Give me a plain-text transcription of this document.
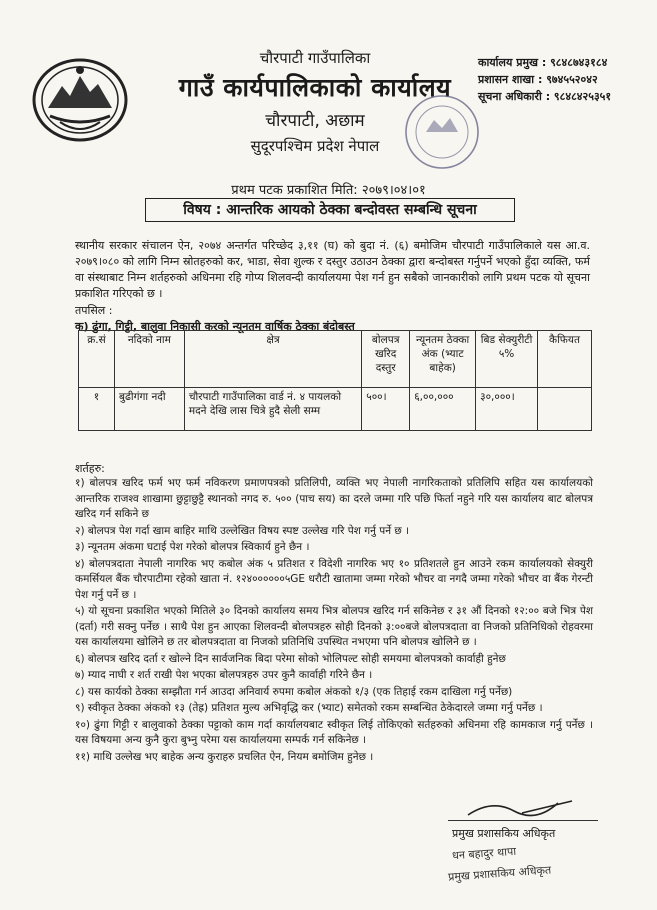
चौरपाटी गाउँपालिका
गाउँ कार्यपालिकाको कार्यालय
चौरपाटी, अछाम
सुदूरपश्चिम प्रदेश नेपाल
कार्यालय प्रमुख : ९८४८७४३१८४
प्रशासन शाखा : ९७४५५२०४२
सूचना अधिकारी : ९८४८४२५३५१
प्रथम पटक प्रकाशित मिति: २०७९।०४।०१
विषय : आन्तरिक आयको ठेक्का बन्दोवस्त सम्बन्धि सूचना
स्थानीय सरकार संचालन ऐन, २०७४ अन्तर्गत परिच्छेद ३,११ (घ) को बुदा नं. (६) बमोजिम चौरपाटी गाउँपालिकाले यस आ.व. २०७९।०८० को लागि निम्न स्रोतहरुको कर, भाडा, सेवा शुल्क र दस्तुर उठाउन ठेक्का द्वारा बन्दोबस्त गर्नुपर्ने भएको हुँदा व्यक्ति, फर्म वा संस्थाबाट निम्न शर्तहरुको अधिनमा रहि गोप्य शिलवन्दी कार्यालयमा पेश गर्न हुन सबैको जानकारीको लागि प्रथम पटक यो सूचना प्रकाशित गरिएको छ ।
तपसिल :
क) ढुंगा, गिट्टी, बालुवा निकासी करको न्यूनतम वार्षिक ठेक्का बंदोबस्त
क्र.सं	नदिको नाम	क्षेत्र	बोलपत्र खरिद दस्तुर	न्यूनतम ठेक्का अंक (भ्याट बाहेक)	बिड सेक्युरीटी ५%	कैफियत
१	बुढीगंगा नदी	चौरपाटी गाउँपालिका वार्ड नं. ४ पायलको मदने देखि लास चित्रे हुदै सेली सम्म	५००।	६,००,०००	३०,०००।	
शर्तहरु:

१) बोलपत्र खरिद फर्म भए फर्म नविकरण प्रमाणपत्रको प्रतिलिपी, व्यक्ति भए नेपाली नागरिकताको प्रतिलिपि सहित यस कार्यालयको आन्तरिक राजश्व शाखामा छुट्टाछुट्टै स्थानको नगद रु. ५०० (पाच सय) का दरले जम्मा गरि पछि फिर्ता नहुने गरि यस कार्यालय बाट बोलपत्र खरिद गर्न सकिने छ

२) बोलपत्र पेश गर्दा खाम बाहिर माथि उल्लेखित विषय स्पष्ट उल्लेख गरि पेश गर्नु पर्ने छ ।

३) न्यूनतम अंकमा घटाई पेश गरेको बोलपत्र स्विकार्य हुने छैन ।

४) बोलपत्रदाता नेपाली नागरिक भए कबोल अंक ५ प्रतिशत र विदेशी नागरिक भए १० प्रतिशतले हुन आउने रकम कार्यालयको सेक्युरी कमर्सियल बैंक चौरपाटीमा रहेको खाता नं. १२४००००००५GE धरौटी खातामा जम्मा गरेको भौचर वा नगदै जम्मा गरेको भौचर वा बैंक गेरन्टी पेश गर्नु पर्ने छ ।

५) यो सूचना प्रकाशित भएको मितिले ३० दिनको कार्यालय समय भित्र बोलपत्र खरिद गर्न सकिनेछ र ३१ औं दिनको १२:०० बजे भित्र पेश (दर्ता) गरी सक्नु पर्नेछ । साथै पेश हुन आएका शिलवन्दी बोलपत्रहरु सोही दिनको ३:००बजे बोलपत्रदाता वा निजको प्रतिनिधिको रोहवरमा यस कार्यालयमा खोलिने छ तर बोलपत्रदाता वा निजको प्रतिनिधि उपस्थित नभएमा पनि बोलपत्र खोलिने छ ।

६) बोलपत्र खरिद दर्ता र खोल्ने दिन सार्वजनिक बिदा परेमा सोको भोलिपल्ट सोही समयमा बोलपत्रको कार्वाही हुनेछ

७) म्याद नाघी र शर्त राखी पेश भएका बोलपत्रहरु उपर कुनै कार्वाही गरिने छैन ।

८) यस कार्यको ठेक्का सम्झौता गर्न आउदा अनिवार्य रुपमा कबोल अंकको १/३ (एक तिहाई रकम दाखिला गर्नु पर्नेछ)

९) स्वीकृत ठेक्का अंकको १३ (तेह्र) प्रतिशत मुल्य अभिवृद्धि कर (भ्याट) समेतको रकम सम्बन्धित ठेकेदारले जम्मा गर्नु पर्नेछ ।

१०) ढुंगा गिट्टी र बालुवाको ठेक्का पट्टाको काम गर्दा कार्यालयबाट स्वीकृत लिई तोकिएको सर्तहरुको अधिनमा रहि कामकाज गर्नु पर्नेछ । यस विषयमा अन्य कुनै कुरा बुभ्नु परेमा यस कार्यालयमा सम्पर्क गर्न सकिनेछ ।

११) माथि उल्लेख भए बाहेक अन्य कुराहरु प्रचलित ऐन, नियम बमोजिम हुनेछ ।

प्रमुख प्रशासकिय अधिकृत
धन बहादुर थापा
प्रमुख प्रशासकिय अधिकृत
